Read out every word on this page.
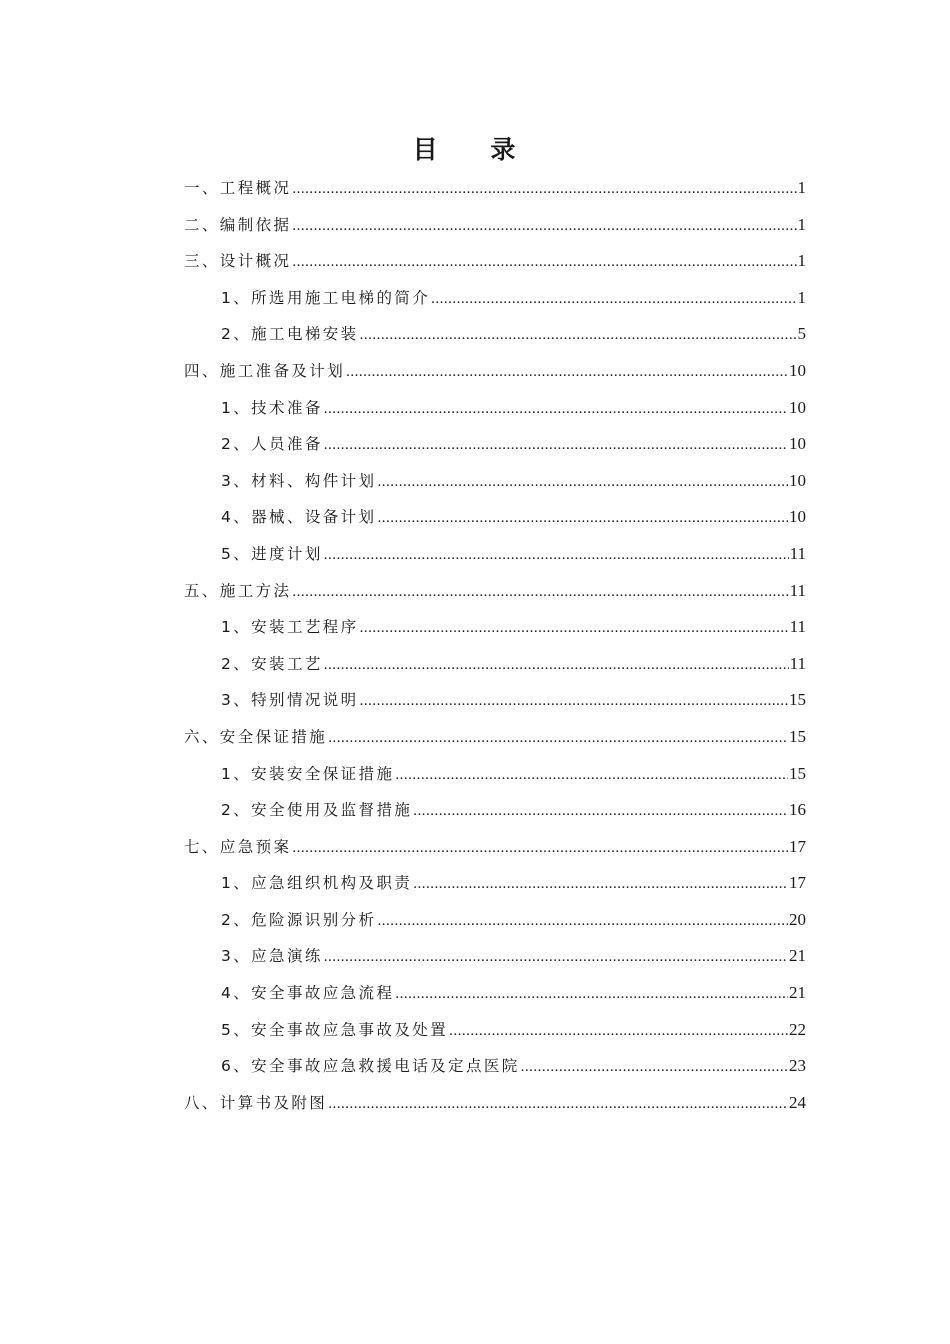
目 录
一、工程概况 .....	1
二、编制依据 .....	1
三、设计概况 .....	1
1、所选用施工电梯的简介 .....	1
2、施工电梯安装 .....	5
四、施工准备及计划 .....	10
1、技术准备 .....	10
2、人员准备 .....	10
3、材料、构件计划 .....	10
4、器械、设备计划 .....	10
5、进度计划 .....	11
五、施工方法 .....	11
1、安装工艺程序 .....	11
2、安装工艺 .....	11
3、特别情况说明 .....	15
六、安全保证措施 .....	15
1、安装安全保证措施 .....	15
2、安全使用及监督措施 .....	16
七、应急预案 .....	17
1、应急组织机构及职责 .....	17
2、危险源识别分析 .....	20
3、应急演练 .....	21
4、安全事故应急流程 .....	21
5、安全事故应急事故及处置 .....	22
6、安全事故应急救援电话及定点医院 .....	23
八、计算书及附图 .....	24
